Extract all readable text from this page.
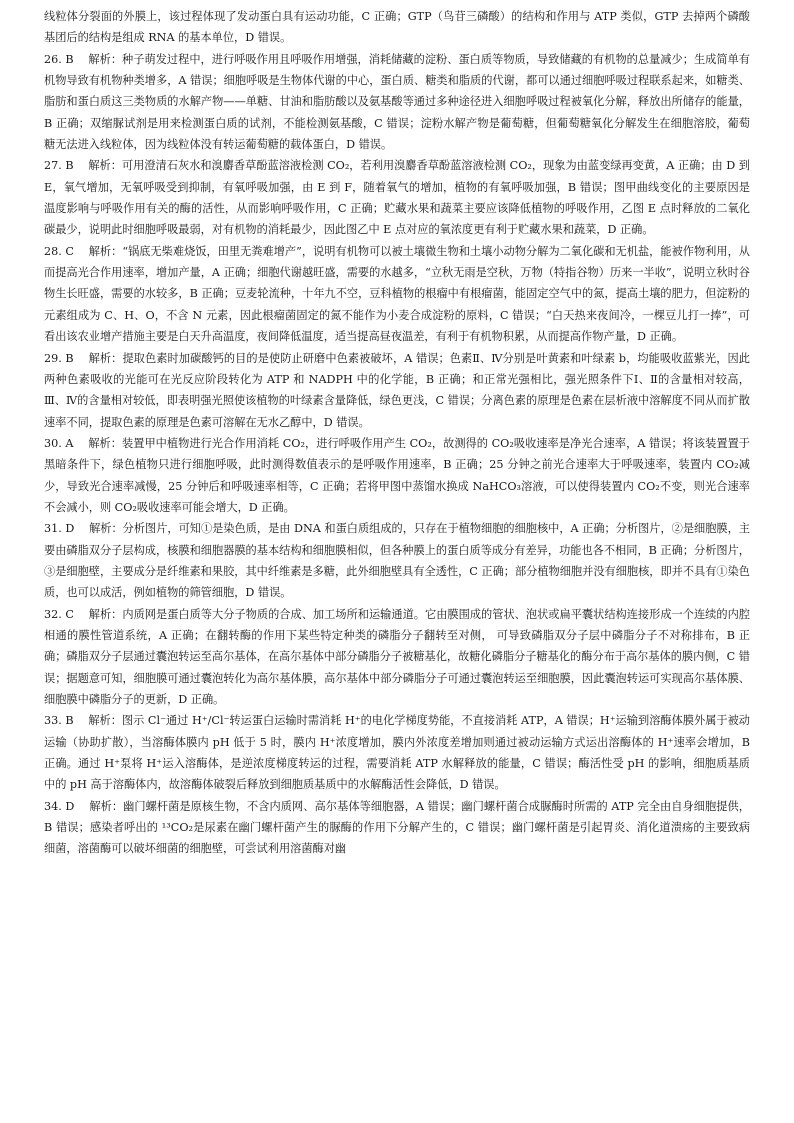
线粒体分裂面的外膜上，该过程体现了发动蛋白具有运动功能，C 正确；GTP（鸟苷三磷酸）的结构和作用与 ATP 类似，GTP 去掉两个磷酸基团后的结构是组成 RNA 的基本单位，D 错误。

26. B　 解析：种子萌发过程中，进行呼吸作用且呼吸作用增强，消耗储藏的淀粉、蛋白质等物质，导致储藏的有机物的总量减少；生成简单有机物导致有机物种类增多，A 错误；细胞呼吸是生物体代谢的中心，蛋白质、糖类和脂质的代谢，都可以通过细胞呼吸过程联系起来，如糖类、脂肪和蛋白质这三类物质的水解产物——单糖、甘油和脂肪酸以及氨基酸等通过多种途径进入细胞呼吸过程被氧化分解，释放出所储存的能量，B 正确；双缩脲试剂是用来检测蛋白质的试剂，不能检测氨基酸，C 错误；淀粉水解产物是葡萄糖，但葡萄糖氧化分解发生在细胞溶胶，葡萄糖无法进入线粒体，因为线粒体没有转运葡萄糖的载体蛋白，D 错误。

27. B　 解析：可用澄清石灰水和溴麝香草酚蓝溶液检测 CO₂，若利用溴麝香草酚蓝溶液检测 CO₂，现象为由蓝变绿再变黄，A 正确；由 D 到 E，氧气增加，无氧呼吸受到抑制，有氧呼吸加强，由 E 到 F，随着氧气的增加，植物的有氧呼吸加强，B 错误；图甲曲线变化的主要原因是温度影响与呼吸作用有关的酶的活性，从而影响呼吸作用，C 正确；贮藏水果和蔬菜主要应该降低植物的呼吸作用，乙图 E 点时释放的二氧化碳最少，说明此时细胞呼吸最弱，对有机物的消耗最少，因此图乙中 E 点对应的氧浓度更有利于贮藏水果和蔬菜，D 正确。

28. C　 解析：“锅底无柴难烧饭，田里无粪难增产”，说明有机物可以被土壤微生物和土壤小动物分解为二氧化碳和无机盐，能被作物利用，从而提高光合作用速率，增加产量，A 正确；细胞代谢越旺盛，需要的水越多，“立秋无雨是空秋，万物（特指谷物）历来一半收”，说明立秋时谷物生长旺盛，需要的水较多，B 正确；豆麦轮流种，十年九不空，豆科植物的根瘤中有根瘤菌，能固定空气中的氮，提高土壤的肥力，但淀粉的元素组成为 C、H、O，不含 N 元素，因此根瘤菌固定的氮不能作为小麦合成淀粉的原料，C 错误；“白天热来夜间冷，一棵豆儿打一捧”，可看出该农业增产措施主要是白天升高温度，夜间降低温度，适当提高昼夜温差，有利于有机物积累，从而提高作物产量，D 正确。

29. B　 解析：提取色素时加碳酸钙的目的是使防止研磨中色素被破坏，A 错误；色素Ⅱ、Ⅳ分别是叶黄素和叶绿素 b，均能吸收蓝紫光，因此两种色素吸收的光能可在光反应阶段转化为 ATP 和 NADPH 中的化学能，B 正确；和正常光强相比，强光照条件下Ⅰ、Ⅱ的含量相对较高，Ⅲ、Ⅳ的含量相对较低，即表明强光照使该植物的叶绿素含量降低，绿色更浅，C 错误；分离色素的原理是色素在层析液中溶解度不同从而扩散速率不同，提取色素的原理是色素可溶解在无水乙醇中，D 错误。

30. A　 解析：装置甲中植物进行光合作用消耗 CO₂，进行呼吸作用产生 CO₂，故测得的 CO₂吸收速率是净光合速率，A 错误；将该装置置于黑暗条件下，绿色植物只进行细胞呼吸，此时测得数值表示的是呼吸作用速率，B 正确；25 分钟之前光合速率大于呼吸速率，装置内 CO₂减少，导致光合速率减慢，25 分钟后和呼吸速率相等，C 正确；若将甲图中蒸馏水换成 NaHCO₃溶液，可以使得装置内 CO₂不变，则光合速率不会减小，则 CO₂吸收速率可能会增大，D 正确。

31. D　 解析：分析图片，可知①是染色质，是由 DNA 和蛋白质组成的，只存在于植物细胞的细胞核中，A 正确；分析图片，②是细胞膜，主要由磷脂双分子层构成，核膜和细胞器膜的基本结构和细胞膜相似，但各种膜上的蛋白质等成分有差异，功能也各不相同，B 正确；分析图片，③是细胞壁，主要成分是纤维素和果胶，其中纤维素是多糖，此外细胞壁具有全透性，C 正确；部分植物细胞并没有细胞核，即并不具有①染色质，也可以成活，例如植物的筛管细胞，D 错误。

32. C　 解析：内质网是蛋白质等大分子物质的合成、加工场所和运输通道。它由膜围成的管状、泡状或扁平囊状结构连接形成一个连续的内腔相通的膜性管道系统，A 正确；在翻转酶的作用下某些特定种类的磷脂分子翻转至对侧， 可导致磷脂双分子层中磷脂分子不对称排布，B 正确；磷脂双分子层通过囊泡转运至高尔基体，在高尔基体中部分磷脂分子被糖基化，故糖化磷脂分子糖基化的酶分布于高尔基体的膜内侧，C 错误；据题意可知，细胞膜可通过囊泡转化为高尔基体膜，高尔基体中部分磷脂分子可通过囊泡转运至细胞膜，因此囊泡转运可实现高尔基体膜、细胞膜中磷脂分子的更新，D 正确。

33. B　 解析：图示 Cl⁻通过 H⁺/Cl⁻转运蛋白运输时需消耗 H⁺的电化学梯度势能，不直接消耗 ATP，A 错误；H⁺运输到溶酶体膜外属于被动运输（协助扩散），当溶酶体膜内 pH 低于 5 时，膜内 H⁺浓度增加，膜内外浓度差增加则通过被动运输方式运出溶酶体的 H⁺速率会增加，B 正确。通过 H⁺泵将 H⁺运入溶酶体，是逆浓度梯度转运的过程，需要消耗 ATP 水解释放的能量，C 错误；酶活性受 pH 的影响，细胞质基质中的 pH 高于溶酶体内，故溶酶体破裂后释放到细胞质基质中的水解酶活性会降低，D 错误。

34. D　 解析：幽门螺杆菌是原核生物，不含内质网、高尔基体等细胞器，A 错误；幽门螺杆菌合成脲酶时所需的 ATP 完全由自身细胞提供，B 错误；感染者呼出的 ¹³CO₂是尿素在幽门螺杆菌产生的脲酶的作用下分解产生的，C 错误；幽门螺杆菌是引起胃炎、消化道溃疡的主要致病细菌，溶菌酶可以破坏细菌的细胞壁，可尝试利用溶菌酶对幽
